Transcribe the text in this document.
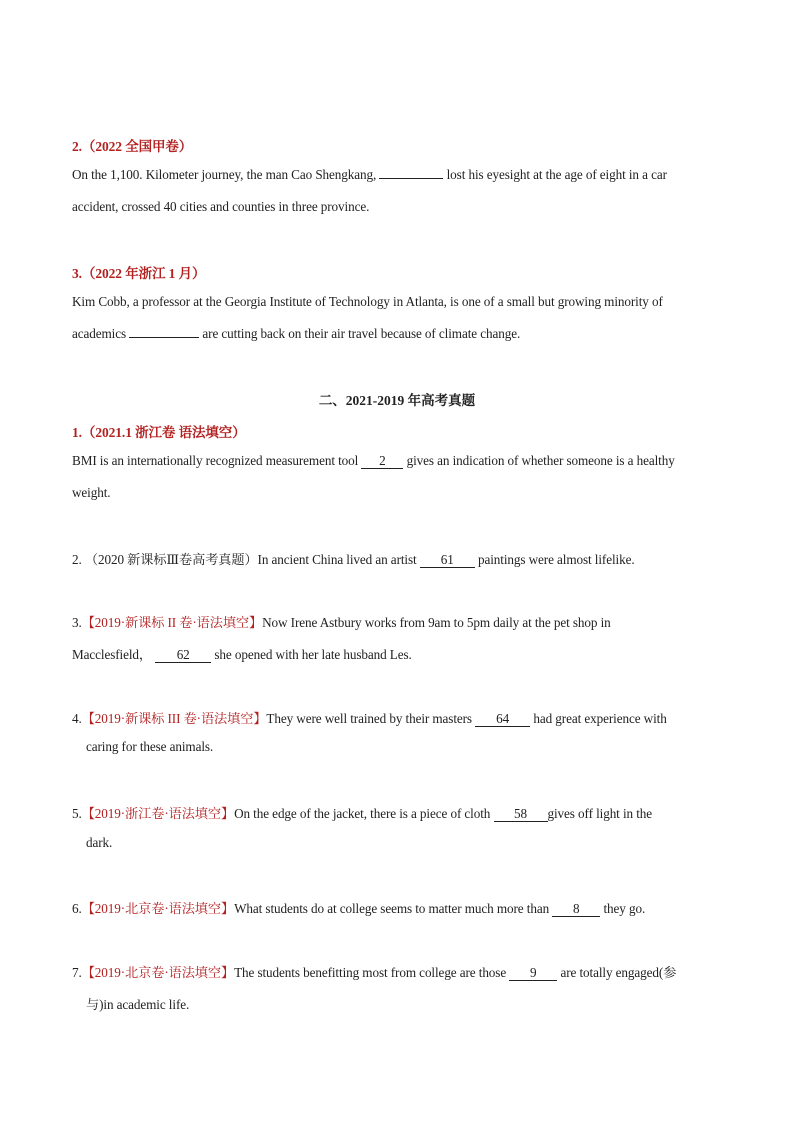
2.（2022 全国甲卷）
On the 1,100. Kilometer journey, the man Cao Shengkang,	lost his eyesight at the age of eight in a car
accident, crossed 40 cities and counties in three province.
3.（2022 年浙江 1 月）
Kim Cobb, a professor at the Georgia Institute of Technology in Atlanta, is one of a small but growing minority of
academics	are cutting back on their air travel because of climate change.
二、2021-2019 年高考真题
1.（2021.1 浙江卷 语法填空）
BMI is an internationally recognized measurement tool 2 gives an indication of whether someone is a healthy
weight.
2. （2020 新课标Ⅲ卷高考真题）In ancient China lived an artist 61 paintings were almost lifelike.
3.【2019·新课标 II 卷·语法填空】Now Irene Astbury works from 9am to 5pm daily at the pet shop in
Macclesfield， 62 she opened with her late husband Les.
4.【2019·新课标 III 卷·语法填空】They were well trained by their masters 64 had great experience with
caring for these animals.
5.【2019·浙江卷·语法填空】On the edge of the jacket, there is a piece of cloth 58 gives off light in the
dark.
6.【2019·北京卷·语法填空】What students do at college seems to matter much more than 8 they go.
7.【2019·北京卷·语法填空】The students benefitting most from college are those 9 are totally engaged(参
与)in academic life.
